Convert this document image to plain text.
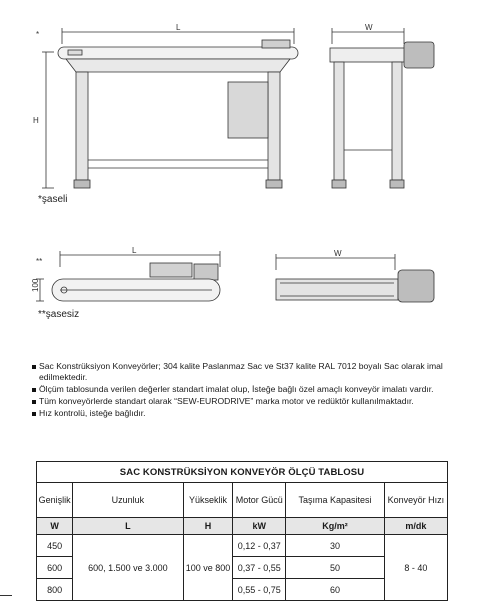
*
L	W
H
**
L	W
100
*şaseli
**şasesiz
Sac Konstrüksiyon Konveyörler; 304 kalite Paslanmaz Sac ve St37 kalite RAL 7012 boyalı Sac olarak imal edilmektedir.
Ölçüm tablosunda verilen değerler standart imalat olup, İsteğe bağlı özel amaçlı konveyör imalatı vardır.
Tüm konveyörlerde standart olarak “SEW-EURODRIVE” marka motor ve redüktör kullanılmaktadır.
Hız kontrolü, isteğe bağlıdır.
SAC KONSTRÜKSİYON KONVEYÖR ÖLÇÜ TABLOSU					
Genişlik	Uzunluk	Yükseklik	Motor Gücü	Taşıma Kapasitesi	Konveyör Hızı
W	L	H	kW	Kg/m²	m/dk
450	600, 1.500 ve 3.000	100 ve 800	0,12 - 0,37	30	8 - 40
600			0,37 - 0,55	50	
800			0,55 - 0,75	60	
